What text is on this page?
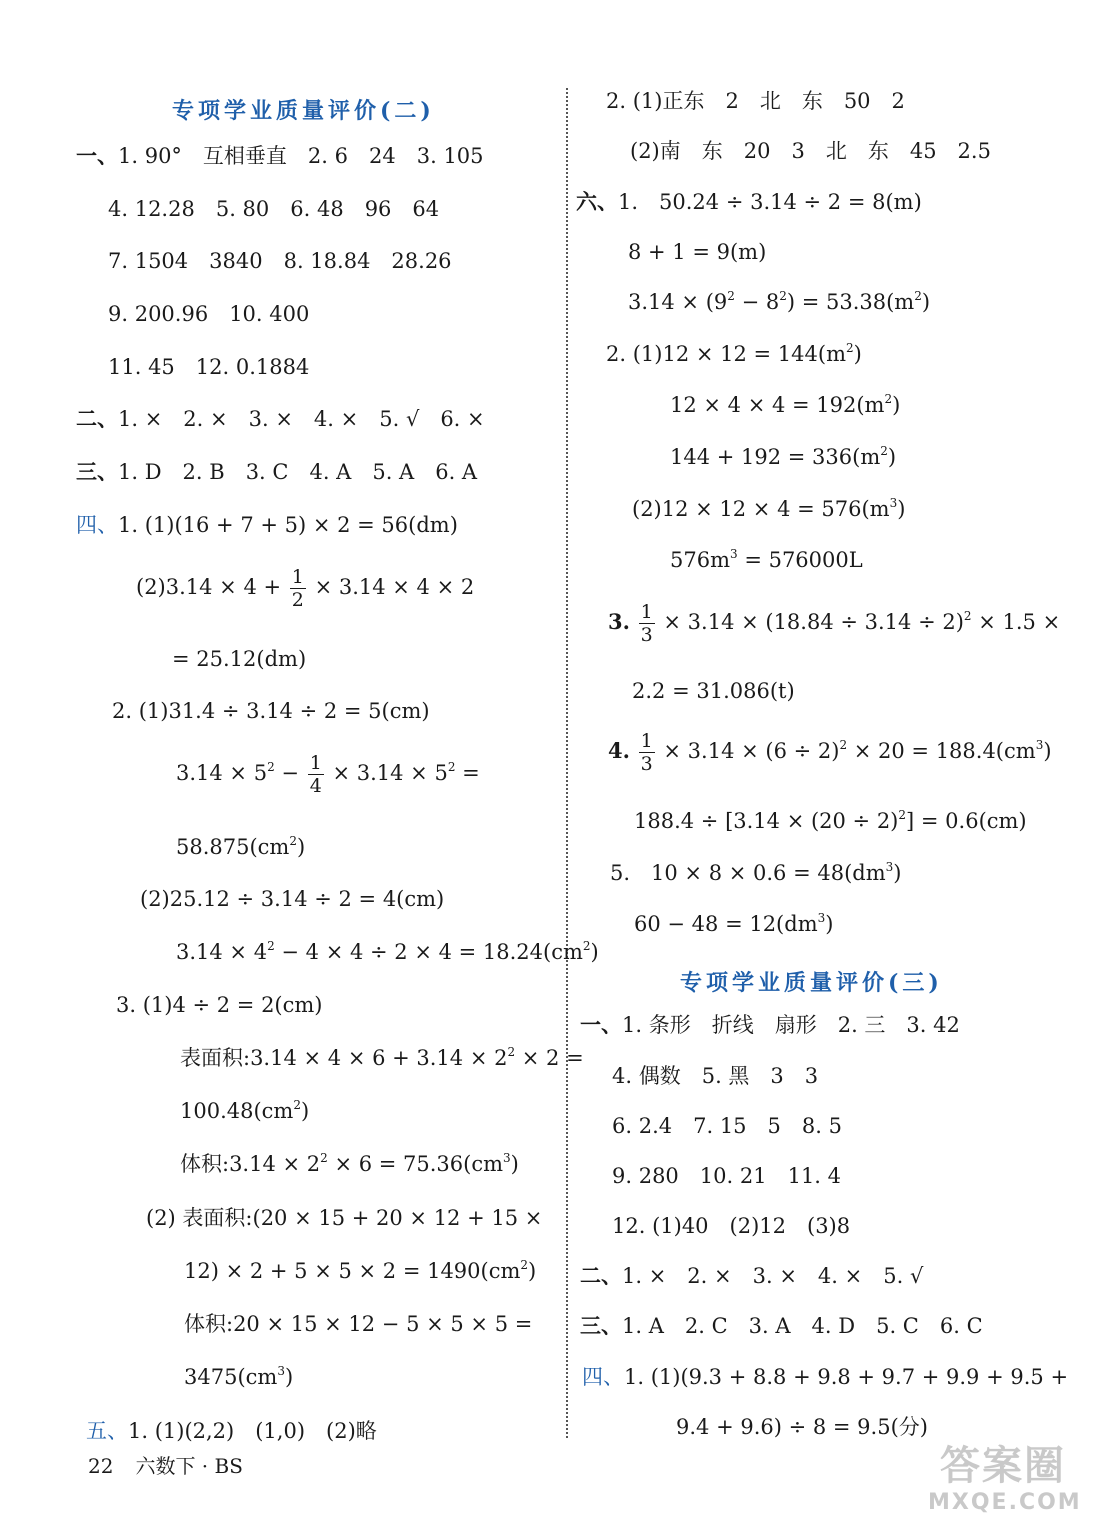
专项学业质量评价(二)
一、1. 90°　互相垂直　2. 6　24　3. 105
4. 12.28　5. 80　6. 48　96　64
7. 1504　3840　8. 18.84　28.26
9. 200.96　10. 400
11. 45　12. 0.1884
二、1. ×　2. ×　3. ×　4. ×　5. √　6. ×
三、1. D　2. B　3. C　4. A　5. A　6. A
四、1. (1)(16 + 7 + 5) × 2 = 56(dm)
$(2)3.14 \times 4 + \frac{1}{2} \times 3.14 \times 4 \times 2$
= 25.12(dm)
2. (1)31.4 ÷ 3.14 ÷ 2 = 5(cm)
$3.14 \times 5^2 - \frac{1}{4} \times 3.14 \times 5^2$ =
$58.875(cm^2)$
(2)25.12 ÷ 3.14 ÷ 2 = 4(cm)
$3.14 \times 4^2 - 4 \times 4 \div 2 \times 4 = 18.24(cm^2)$
3. (1)4 ÷ 2 = 2(cm)
表面积:3.14 × $4 \times 6 + 3.14 \times 2^2 \times 2$ =
$100.48(cm^2)$
体积:3.14 × $2^2 \times 6 = 75.36(cm^3)$
(2) 表面积:(20 × 15 + 20 × 12 + 15 ×
$12) \times 2 + 5 \times 5 \times 2 = 1490(cm^2)$
体积:20 × 15 × 12 − 5 × 5 × 5 =
$3475(cm^3)$
五、1. (1)(2,2)　(1,0)　(2)略
2. (1)正东　2　北　东　50　2
(2)南　东　20　3　北　东　45　2.5
六、1.　50.24 ÷ 3.14 ÷ 2 = 8(m)
8 + 1 = 9(m)
$3.14 \times (9^2 - 8^2) = 53.38(m^2)$
2. $(1)12 \times 12 = 144(m^2)$
$12 \times 4 \times 4 = 192(m^2)$
$144 + 192 = 336(m^2)$
$(2)12 \times 12 \times 4 = 576(m^3)$
$576m^3 = 576000L$
3. $\frac{1}{3} \times 3.14 \times (18.84 \div 3.14 \div 2)^2 \times 1.5$ ×
2.2 = 31.086(t)
4. $\frac{1}{3} \times 3.14 \times (6 \div 2)^2 \times 20 = 188.4(cm^3)$
$188.4 \div [3.14 \times (20 \div 2)^2] = 0.6(cm)$
5.　$10 \times 8 \times 0.6 = 48(dm^3)$
$60 - 48 = 12(dm^3)$
专项学业质量评价(三)
一、1. 条形　折线　扇形　2. 三　3. 42
4. 偶数　5. 黑　3　3
6. 2.4　7. 15　5　8. 5
9. 280　10. 21　11. 4
12. (1)40　(2)12　(3)8
二、1. ×　2. ×　3. ×　4. ×　5. √
三、1. A　2. C　3. A　4. D　5. C　6. C
四、1. (1)(9.3 + 8.8 + 9.8 + 9.7 + 9.9 + 9.5 +
9.4 + 9.6) ÷ 8 = 9.5(分)
22 六数下 · BS	答案圈
MXQE.COM
